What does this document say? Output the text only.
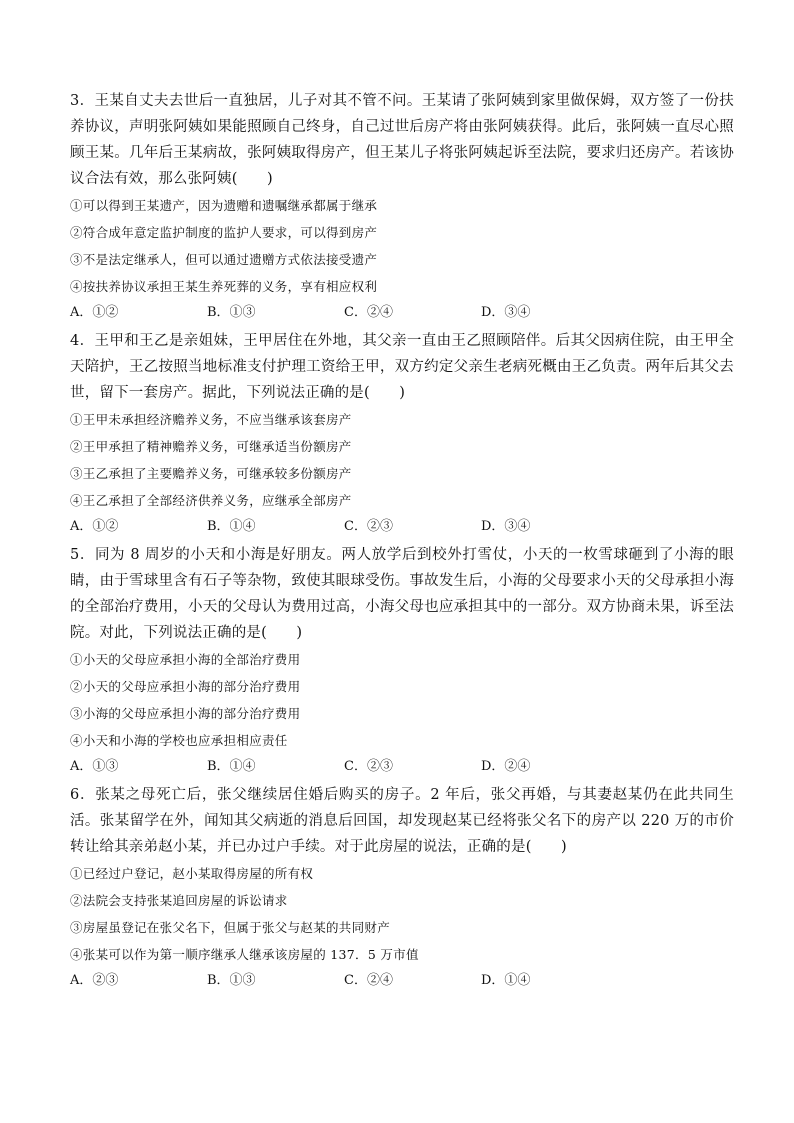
3．王某自丈夫去世后一直独居，儿子对其不管不问。王某请了张阿姨到家里做保姆，双方签了一份扶养协议，声明张阿姨如果能照顾自己终身，自己过世后房产将由张阿姨获得。此后，张阿姨一直尽心照顾王某。几年后王某病故，张阿姨取得房产，但王某儿子将张阿姨起诉至法院，要求归还房产。若该协议合法有效，那么张阿姨(　　)

①可以得到王某遗产，因为遗赠和遗嘱继承都属于继承

②符合成年意定监护制度的监护人要求，可以得到房产

③不是法定继承人，但可以通过遗赠方式依法接受遗产

④按扶养协议承担王某生养死葬的义务，享有相应权利

A．①②	B．①③	C．②④	D．③④

4．王甲和王乙是亲姐妹，王甲居住在外地，其父亲一直由王乙照顾陪伴。后其父因病住院，由王甲全天陪护，王乙按照当地标准支付护理工资给王甲，双方约定父亲生老病死概由王乙负责。两年后其父去世，留下一套房产。据此，下列说法正确的是(　　)

①王甲未承担经济赡养义务，不应当继承该套房产

②王甲承担了精神赡养义务，可继承适当份额房产

③王乙承担了主要赡养义务，可继承较多份额房产

④王乙承担了全部经济供养义务，应继承全部房产

A．①②	B．①④	C．②③	D．③④

5．同为 8 周岁的小天和小海是好朋友。两人放学后到校外打雪仗，小天的一枚雪球砸到了小海的眼睛，由于雪球里含有石子等杂物，致使其眼球受伤。事故发生后，小海的父母要求小天的父母承担小海的全部治疗费用，小天的父母认为费用过高，小海父母也应承担其中的一部分。双方协商未果，诉至法院。对此，下列说法正确的是(　　)

①小天的父母应承担小海的全部治疗费用

②小天的父母应承担小海的部分治疗费用

③小海的父母应承担小海的部分治疗费用

④小天和小海的学校也应承担相应责任

A．①③	B．①④	C．②③	D．②④

6．张某之母死亡后，张父继续居住婚后购买的房子。2 年后，张父再婚，与其妻赵某仍在此共同生活。张某留学在外，闻知其父病逝的消息后回国，却发现赵某已经将张父名下的房产以 220 万的市价转让给其亲弟赵小某，并已办过户手续。对于此房屋的说法，正确的是(　　)

①已经过户登记，赵小某取得房屋的所有权

②法院会支持张某追回房屋的诉讼请求

③房屋虽登记在张父名下，但属于张父与赵某的共同财产

④张某可以作为第一顺序继承人继承该房屋的 137．5 万市值

A．②③	B．①③	C．②④	D．①④
